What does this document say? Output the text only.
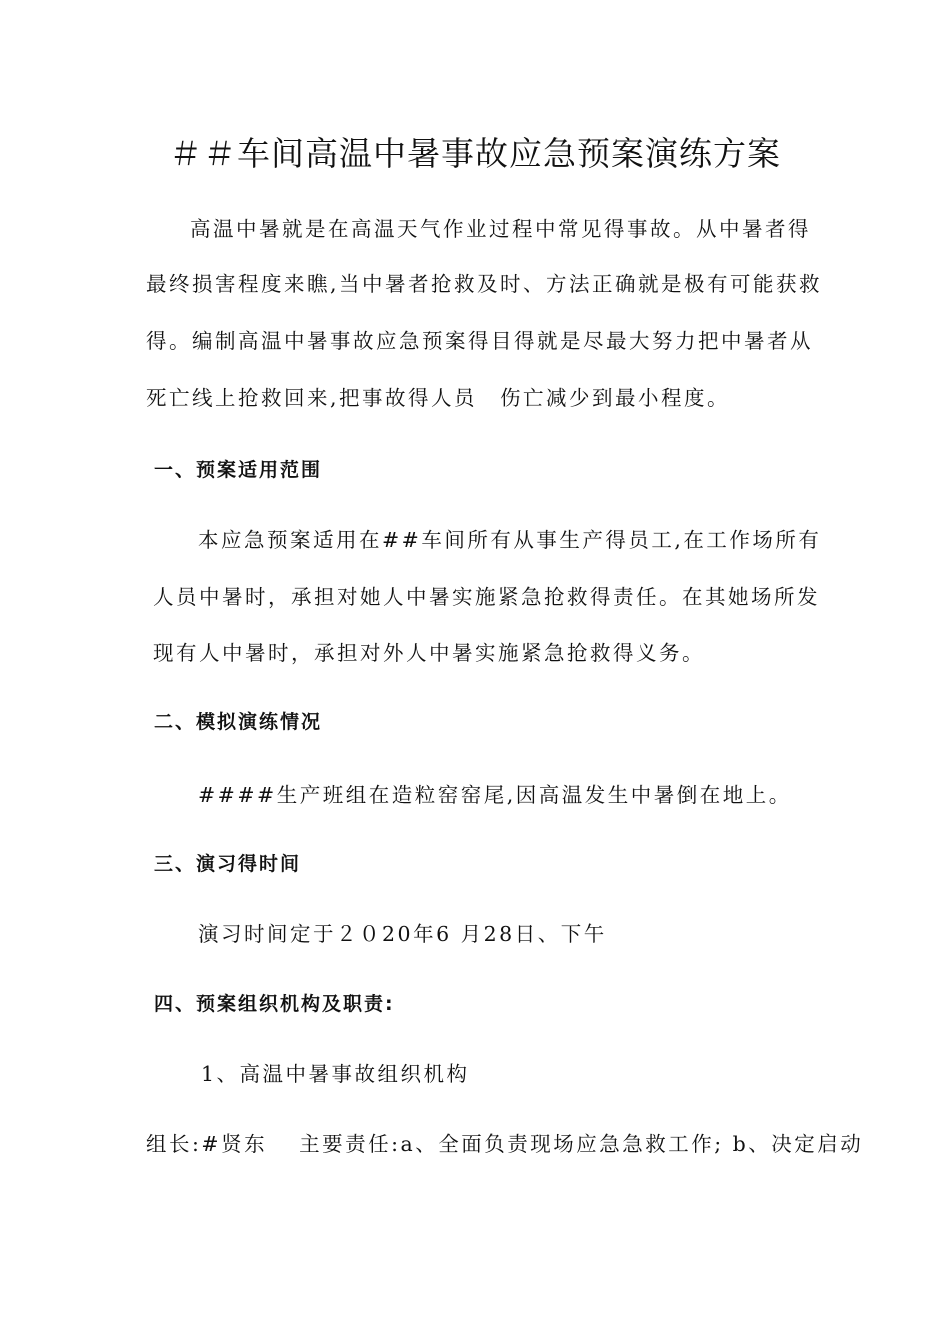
＃＃车间高温中暑事故应急预案演练方案

高温中暑就是在高温天气作业过程中常见得事故。从中暑者得

最终损害程度来瞧,当中暑者抢救及时、方法正确就是极有可能获救

得。编制高温中暑事故应急预案得目得就是尽最大努力把中暑者从

死亡线上抢救回来,把事故得人员　伤亡减少到最小程度。

一、预案适用范围

本应急预案适用在##车间所有从事生产得员工,在工作场所有

人员中暑时，承担对她人中暑实施紧急抢救得责任。在其她场所发

现有人中暑时，承担对外人中暑实施紧急抢救得义务。

二、模拟演练情况

####生产班组在造粒窑窑尾,因高温发生中暑倒在地上。

三、演习得时间

演习时间定于２０20年6 月28日、下午

四、预案组织机构及职责:

1、高温中暑事故组织机构

组长:#贤东　 主要责任:a、全面负责现场应急急救工作; b、决定启动
